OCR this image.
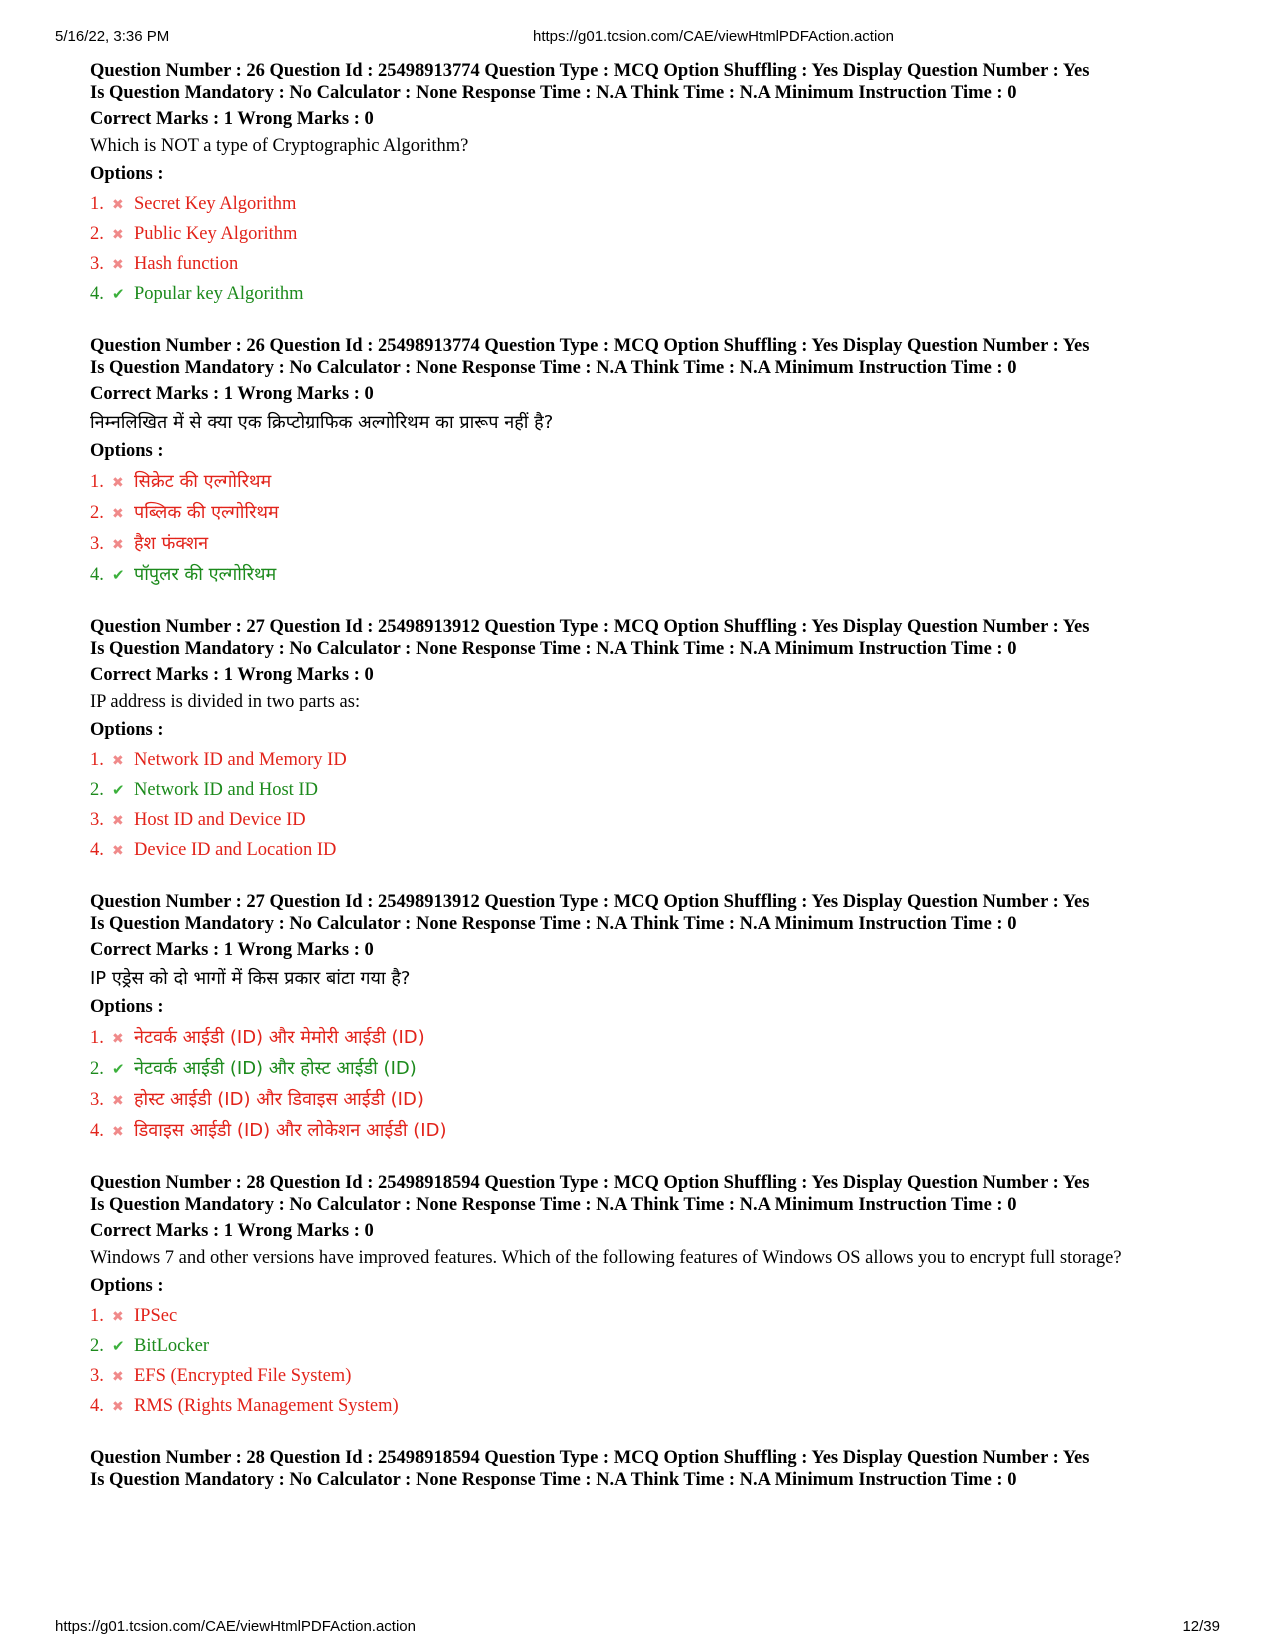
5/16/22, 3:36 PM	https://g01.tcsion.com/CAE/viewHtmlPDFAction.action
Question Number : 26 Question Id : 25498913774 Question Type : MCQ Option Shuffling : Yes Display Question Number : Yes
Is Question Mandatory : No Calculator : None Response Time : N.A Think Time : N.A Minimum Instruction Time : 0
Correct Marks : 1 Wrong Marks : 0
Which is NOT a type of Cryptographic Algorithm?
Options :
1. ✖ Secret Key Algorithm
2. ✖ Public Key Algorithm
3. ✖ Hash function
4. ✔ Popular key Algorithm
Question Number : 26 Question Id : 25498913774 Question Type : MCQ Option Shuffling : Yes Display Question Number : Yes
Is Question Mandatory : No Calculator : None Response Time : N.A Think Time : N.A Minimum Instruction Time : 0
Correct Marks : 1 Wrong Marks : 0
निम्नलिखित में से क्या एक क्रिप्टोग्राफिक अल्गोरिथम का प्रारूप नहीं है?
Options :
1. ✖ सिक्रेट की एल्गोरिथम
2. ✖ पब्लिक की एल्गोरिथम
3. ✖ हैश फंक्शन
4. ✔ पॉपुलर की एल्गोरिथम
Question Number : 27 Question Id : 25498913912 Question Type : MCQ Option Shuffling : Yes Display Question Number : Yes
Is Question Mandatory : No Calculator : None Response Time : N.A Think Time : N.A Minimum Instruction Time : 0
Correct Marks : 1 Wrong Marks : 0
IP address is divided in two parts as:
Options :
1. ✖ Network ID and Memory ID
2. ✔ Network ID and Host ID
3. ✖ Host ID and Device ID
4. ✖ Device ID and Location ID
Question Number : 27 Question Id : 25498913912 Question Type : MCQ Option Shuffling : Yes Display Question Number : Yes
Is Question Mandatory : No Calculator : None Response Time : N.A Think Time : N.A Minimum Instruction Time : 0
Correct Marks : 1 Wrong Marks : 0
IP एड्रेस को दो भागों में किस प्रकार बांटा गया है?
Options :
1. ✖ नेटवर्क आईडी (ID) और मेमोरी आईडी (ID)
2. ✔ नेटवर्क आईडी (ID) और होस्ट आईडी (ID)
3. ✖ होस्ट आईडी (ID) और डिवाइस आईडी (ID)
4. ✖ डिवाइस आईडी (ID) और लोकेशन आईडी (ID)
Question Number : 28 Question Id : 25498918594 Question Type : MCQ Option Shuffling : Yes Display Question Number : Yes
Is Question Mandatory : No Calculator : None Response Time : N.A Think Time : N.A Minimum Instruction Time : 0
Correct Marks : 1 Wrong Marks : 0
Windows 7 and other versions have improved features. Which of the following features of Windows OS allows you to encrypt full storage?
Options :
1. ✖ IPSec
2. ✔ BitLocker
3. ✖ EFS (Encrypted File System)
4. ✖ RMS (Rights Management System)
Question Number : 28 Question Id : 25498918594 Question Type : MCQ Option Shuffling : Yes Display Question Number : Yes
Is Question Mandatory : No Calculator : None Response Time : N.A Think Time : N.A Minimum Instruction Time : 0
https://g01.tcsion.com/CAE/viewHtmlPDFAction.action	12/39
